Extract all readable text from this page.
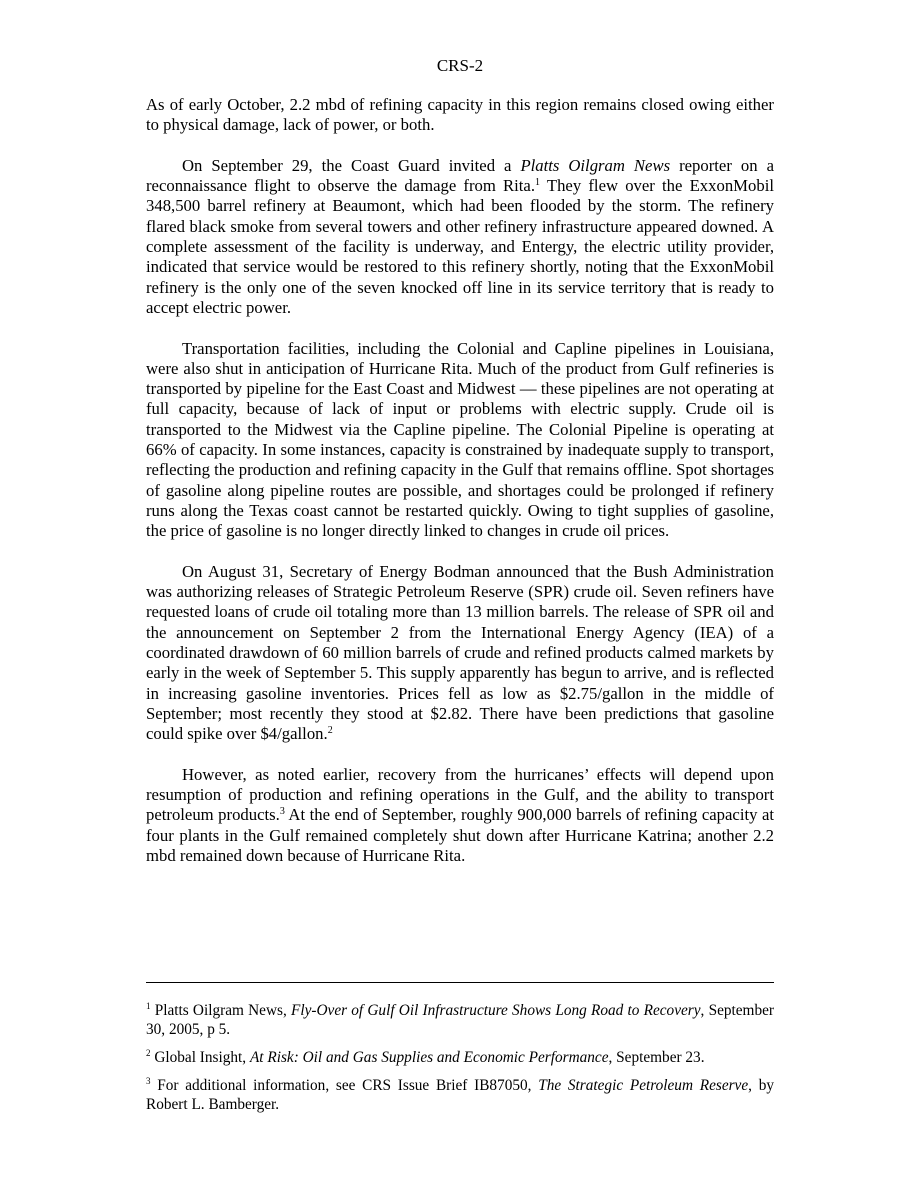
CRS-2

As of early October, 2.2 mbd of refining capacity in this region remains closed owing either to physical damage, lack of power, or both.

On September 29, the Coast Guard invited a Platts Oilgram News reporter on a reconnaissance flight to observe the damage from Rita.$^1$ They flew over the ExxonMobil 348,500 barrel refinery at Beaumont, which had been flooded by the storm. The refinery flared black smoke from several towers and other refinery infrastructure appeared downed. A complete assessment of the facility is underway, and Entergy, the electric utility provider, indicated that service would be restored to this refinery shortly, noting that the ExxonMobil refinery is the only one of the seven knocked off line in its service territory that is ready to accept electric power.

Transportation facilities, including the Colonial and Capline pipelines in Louisiana, were also shut in anticipation of Hurricane Rita. Much of the product from Gulf refineries is transported by pipeline for the East Coast and Midwest — these pipelines are not operating at full capacity, because of lack of input or problems with electric supply. Crude oil is transported to the Midwest via the Capline pipeline. The Colonial Pipeline is operating at 66% of capacity. In some instances, capacity is constrained by inadequate supply to transport, reflecting the production and refining capacity in the Gulf that remains offline. Spot shortages of gasoline along pipeline routes are possible, and shortages could be prolonged if refinery runs along the Texas coast cannot be restarted quickly. Owing to tight supplies of gasoline, the price of gasoline is no longer directly linked to changes in crude oil prices.

On August 31, Secretary of Energy Bodman announced that the Bush Administration was authorizing releases of Strategic Petroleum Reserve (SPR) crude oil. Seven refiners have requested loans of crude oil totaling more than 13 million barrels. The release of SPR oil and the announcement on September 2 from the International Energy Agency (IEA) of a coordinated drawdown of 60 million barrels of crude and refined products calmed markets by early in the week of September 5. This supply apparently has begun to arrive, and is reflected in increasing gasoline inventories. Prices fell as low as $2.75/gallon in the middle of September; most recently they stood at $2.82. There have been predictions that gasoline could spike over $4/gallon.$^2$

However, as noted earlier, recovery from the hurricanes’ effects will depend upon resumption of production and refining operations in the Gulf, and the ability to transport petroleum products.$^3$ At the end of September, roughly 900,000 barrels of refining capacity at four plants in the Gulf remained completely shut down after Hurricane Katrina; another 2.2 mbd remained down because of Hurricane Rita.

$^1$ Platts Oilgram News, Fly-Over of Gulf Oil Infrastructure Shows Long Road to Recovery, September 30, 2005, p 5.

$^2$ Global Insight, At Risk: Oil and Gas Supplies and Economic Performance, September 23.

$^3$ For additional information, see CRS Issue Brief IB87050, The Strategic Petroleum Reserve, by Robert L. Bamberger.
